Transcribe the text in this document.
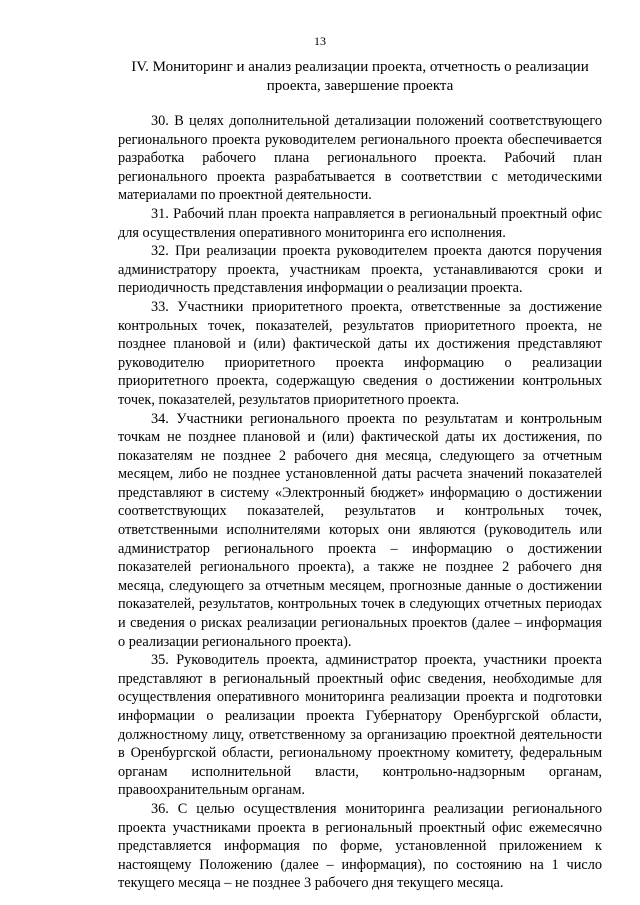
13
IV. Мониторинг и анализ реализации проекта, отчетность о реализации проекта, завершение проекта

30. В целях дополнительной детализации положений соответствующего регионального проекта руководителем регионального проекта обеспечивается разработка рабочего плана регионального проекта. Рабочий план регионального проекта разрабатывается в соответствии с методическими материалами по проектной деятельности.

31. Рабочий план проекта направляется в региональный проектный офис для осуществления оперативного мониторинга его исполнения.

32. При реализации проекта руководителем проекта даются поручения администратору проекта, участникам проекта, устанавливаются сроки и периодичность представления информации о реализации проекта.

33. Участники приоритетного проекта, ответственные за достижение контрольных точек, показателей, результатов приоритетного проекта, не позднее плановой и (или) фактической даты их достижения представляют руководителю приоритетного проекта информацию о реализации приоритетного проекта, содержащую сведения о достижении контрольных точек, показателей, результатов приоритетного проекта.

34. Участники регионального проекта по результатам и контрольным точкам не позднее плановой и (или) фактической даты их достижения, по показателям не позднее 2 рабочего дня месяца, следующего за отчетным месяцем, либо не позднее установленной даты расчета значений показателей представляют в систему «Электронный бюджет» информацию о достижении соответствующих показателей, результатов и контрольных точек, ответственными исполнителями которых они являются (руководитель или администратор регионального проекта – информацию о достижении показателей регионального проекта), а также не позднее 2 рабочего дня месяца, следующего за отчетным месяцем, прогнозные данные о достижении показателей, результатов, контрольных точек в следующих отчетных периодах и сведения о рисках реализации региональных проектов (далее – информация о реализации регионального проекта).

35. Руководитель проекта, администратор проекта, участники проекта представляют в региональный проектный офис сведения, необходимые для осуществления оперативного мониторинга реализации проекта и подготовки информации о реализации проекта Губернатору Оренбургской области, должностному лицу, ответственному за организацию проектной деятельности в Оренбургской области, региональному проектному комитету, федеральным органам исполнительной власти, контрольно-надзорным органам, правоохранительным органам.

36. С целью осуществления мониторинга реализации регионального проекта участниками проекта в региональный проектный офис ежемесячно представляется информация по форме, установленной приложением к настоящему Положению (далее – информация), по состоянию на 1 число текущего месяца – не позднее 3 рабочего дня текущего месяца.
